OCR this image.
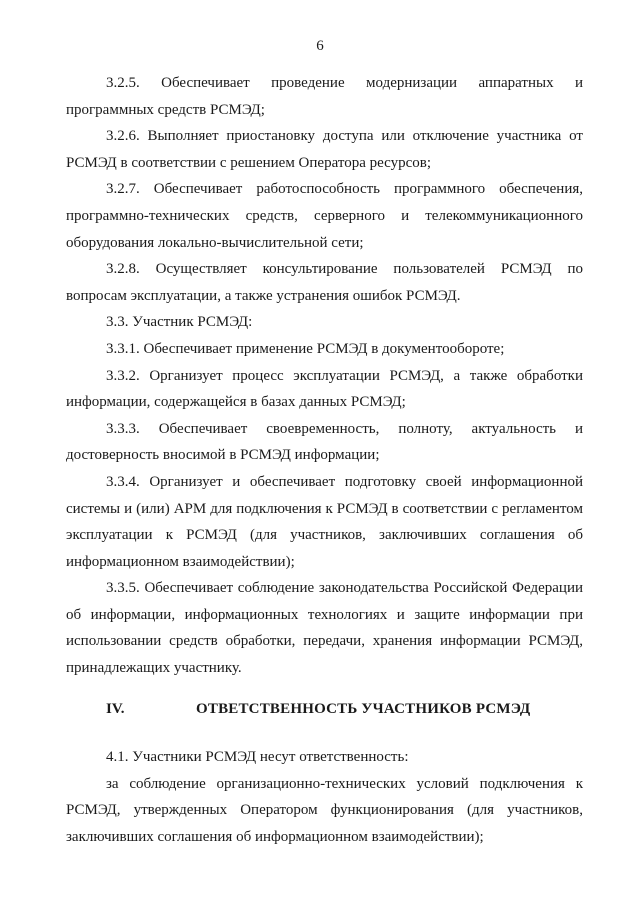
6

3.2.5. Обеспечивает проведение модернизации аппаратных и программных средств РСМЭД;

3.2.6. Выполняет приостановку доступа или отключение участника от РСМЭД в соответствии с решением Оператора ресурсов;

3.2.7. Обеспечивает работоспособность программного обеспечения, программно-технических средств, серверного и телекоммуникационного оборудования локально-вычислительной сети;

3.2.8. Осуществляет консультирование пользователей РСМЭД по вопросам эксплуатации, а также устранения ошибок РСМЭД.

3.3. Участник РСМЭД:

3.3.1. Обеспечивает применение РСМЭД в документообороте;

3.3.2. Организует процесс эксплуатации РСМЭД, а также обработки информации, содержащейся в базах данных РСМЭД;

3.3.3. Обеспечивает своевременность, полноту, актуальность и достоверность вносимой в РСМЭД информации;

3.3.4. Организует и обеспечивает подготовку своей информационной системы и (или) АРМ для подключения к РСМЭД в соответствии с регламентом эксплуатации к РСМЭД (для участников, заключивших соглашения об информационном взаимодействии);

3.3.5. Обеспечивает соблюдение законодательства Российской Федерации об информации, информационных технологиях и защите информации при использовании средств обработки, передачи, хранения информации РСМЭД, принадлежащих участнику.

IV.	ОТВЕТСТВЕННОСТЬ УЧАСТНИКОВ РСМЭД

4.1. Участники РСМЭД несут ответственность:

за соблюдение организационно-технических условий подключения к РСМЭД, утвержденных Оператором функционирования (для участников, заключивших соглашения об информационном взаимодействии);
